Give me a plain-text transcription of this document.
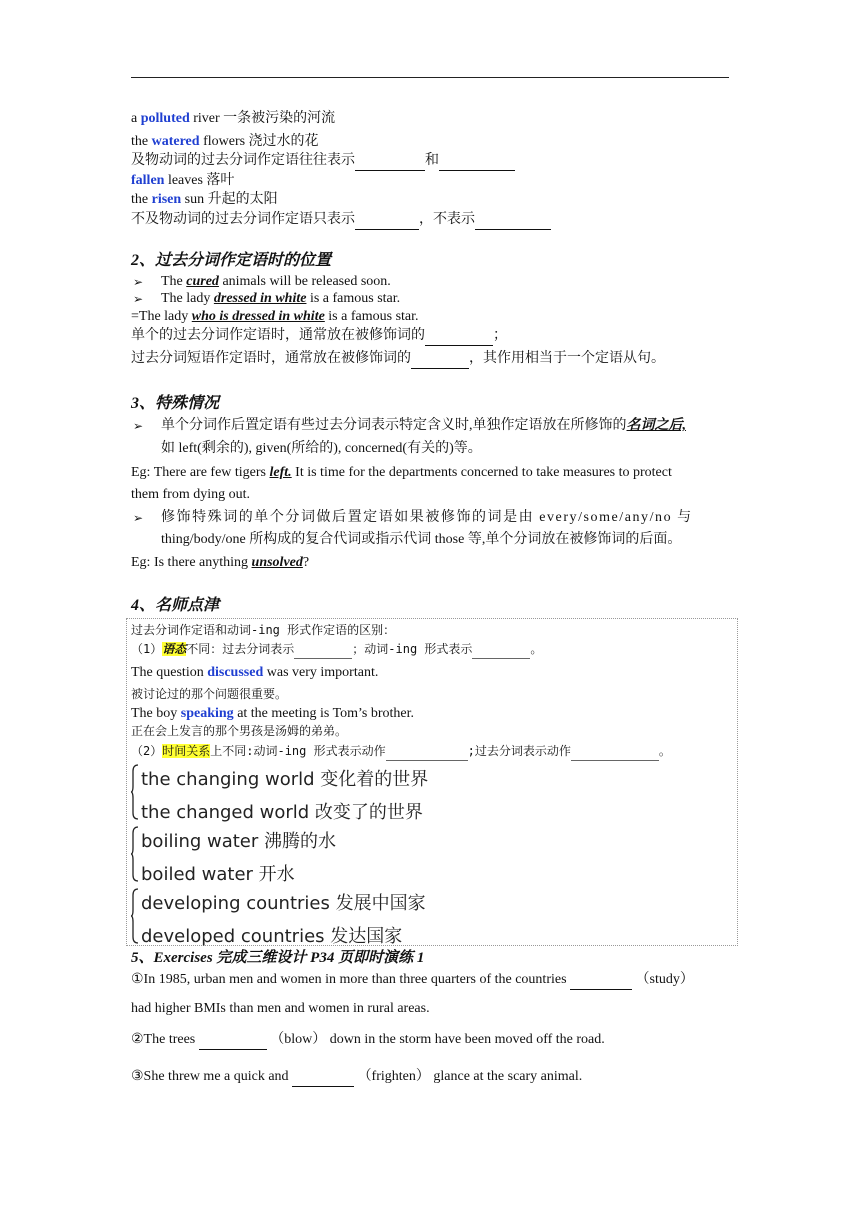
a polluted river 一条被污染的河流
the watered flowers 浇过水的花
及物动词的过去分词作定语往往表示	和
fallen leaves 落叶
the risen sun 升起的太阳
不及物动词的过去分词作定语只表示	，不表示
2、过去分词作定语时的位置
➢ The cured animals will be released soon.
➢ The lady dressed in white is a famous star.
=The lady who is dressed in white is a famous star.
单个的过去分词作定语时，通常放在被修饰词的	；
过去分词短语作定语时，通常放在被修饰词的	，其作用相当于一个定语从句。
3、特殊情况
➢ 单个分词作后置定语有些过去分词表示特定含义时,单独作定语放在所修饰的名词之后,
如 left(剩余的), given(所给的), concerned(有关的)等。
Eg: There are few tigers left. It is time for the departments concerned to take measures to protect
them from dying out.
➢ 修饰特殊词的单个分词做后置定语如果被修饰的词是由 every/some/any/no 与
thing/body/one 所构成的复合代词或指示代词 those 等,单个分词放在被修饰词的后面。
Eg: Is there anything unsolved?
4、名师点津
过去分词作定语和动词-ing 形式作定语的区别：
（1）语态不同：过去分词表示	；动词-ing 形式表示	。
The question discussed was very important.
被讨论过的那个问题很重要。
The boy speaking at the meeting is Tom’s brother.
正在会上发言的那个男孩是汤姆的弟弟。
（2）时间关系上不同:动词-ing 形式表示动作	;过去分词表示动作	。
the changing world 变化着的世界
the changed world 改变了的世界
boiling water 沸腾的水
boiled water 开水
developing countries 发展中国家
developed countries 发达国家
5、Exercises 完成三维设计 P34 页即时演练 1
①In 1985, urban men and women in more than three quarters of the countries	（study）
had higher BMIs than men and women in rural areas.
②The trees	（blow） down in the storm have been moved off the road.
③She threw me a quick and	（frighten） glance at the scary animal.
